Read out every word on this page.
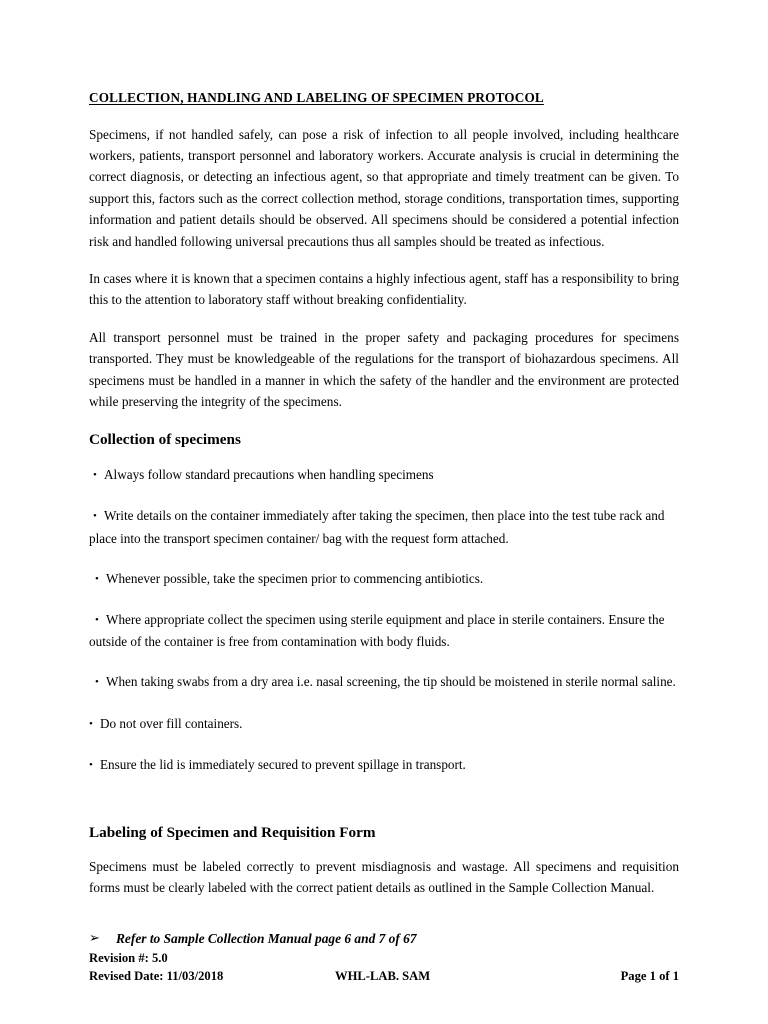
COLLECTION, HANDLING AND LABELING OF SPECIMEN PROTOCOL

Specimens, if not handled safely, can pose a risk of infection to all people involved, including healthcare workers, patients, transport personnel and laboratory workers. Accurate analysis is crucial in determining the correct diagnosis, or detecting an infectious agent, so that appropriate and timely treatment can be given. To support this, factors such as the correct collection method, storage conditions, transportation times, supporting information and patient details should be observed. All specimens should be considered a potential infection risk and handled following universal precautions thus all samples should be treated as infectious.

In cases where it is known that a specimen contains a highly infectious agent, staff has a responsibility to bring this to the attention to laboratory staff without breaking confidentiality.

All transport personnel must be trained in the proper safety and packaging procedures for specimens transported. They must be knowledgeable of the regulations for the transport of biohazardous specimens. All specimens must be handled in a manner in which the safety of the handler and the environment are protected while preserving the integrity of the specimens.

Collection of specimens
• Always follow standard precautions when handling specimens
• Write details on the container immediately after taking the specimen, then place into the test tube rack and place into the transport specimen container/ bag with the request form attached.
• Whenever possible, take the specimen prior to commencing antibiotics.
• Where appropriate collect the specimen using sterile equipment and place in sterile containers. Ensure the outside of the container is free from contamination with body fluids.
• When taking swabs from a dry area i.e. nasal screening, the tip should be moistened in sterile normal saline.
• Do not over fill containers.
• Ensure the lid is immediately secured to prevent spillage in transport.
Labeling of Specimen and Requisition Form

Specimens must be labeled correctly to prevent misdiagnosis and wastage. All specimens and requisition forms must be clearly labeled with the correct patient details as outlined in the Sample Collection Manual.

➢ Refer to Sample Collection Manual page 6 and 7 of 67

Revision #: 5.0
Revised Date: 11/03/2018	WHL-LAB. SAM	Page 1 of 1
